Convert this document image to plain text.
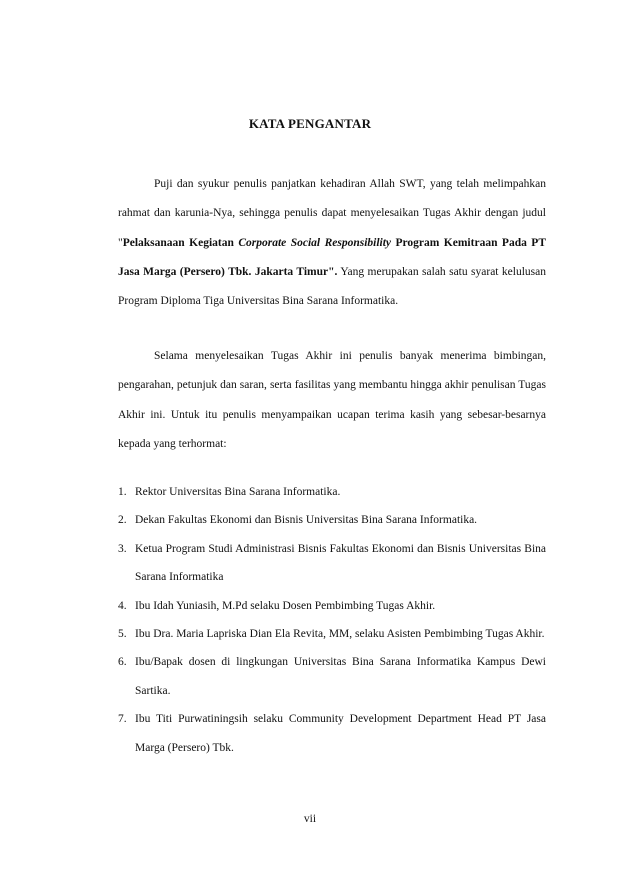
KATA PENGANTAR
Puji dan syukur penulis panjatkan kehadiran Allah SWT, yang telah melimpahkan rahmat dan karunia-Nya, sehingga penulis dapat menyelesaikan Tugas Akhir dengan judul "Pelaksanaan Kegiatan Corporate Social Responsibility Program Kemitraan Pada PT Jasa Marga (Persero) Tbk. Jakarta Timur". Yang merupakan salah satu syarat kelulusan Program Diploma Tiga Universitas Bina Sarana Informatika.
Selama menyelesaikan Tugas Akhir ini penulis banyak menerima bimbingan, pengarahan, petunjuk dan saran, serta fasilitas yang membantu hingga akhir penulisan Tugas Akhir ini. Untuk itu penulis menyampaikan ucapan terima kasih yang sebesar-besarnya kepada yang terhormat:
1. Rektor Universitas Bina Sarana Informatika.
2. Dekan Fakultas Ekonomi dan Bisnis Universitas Bina Sarana Informatika.
3. Ketua Program Studi Administrasi Bisnis Fakultas Ekonomi dan Bisnis Universitas Bina Sarana Informatika
4. Ibu Idah Yuniasih, M.Pd selaku Dosen Pembimbing Tugas Akhir.
5. Ibu Dra. Maria Lapriska Dian Ela Revita, MM, selaku Asisten Pembimbing Tugas Akhir.
6. Ibu/Bapak dosen di lingkungan Universitas Bina Sarana Informatika Kampus Dewi Sartika.
7. Ibu Titi Purwatiningsih selaku Community Development Department Head PT Jasa Marga (Persero) Tbk.
vii
